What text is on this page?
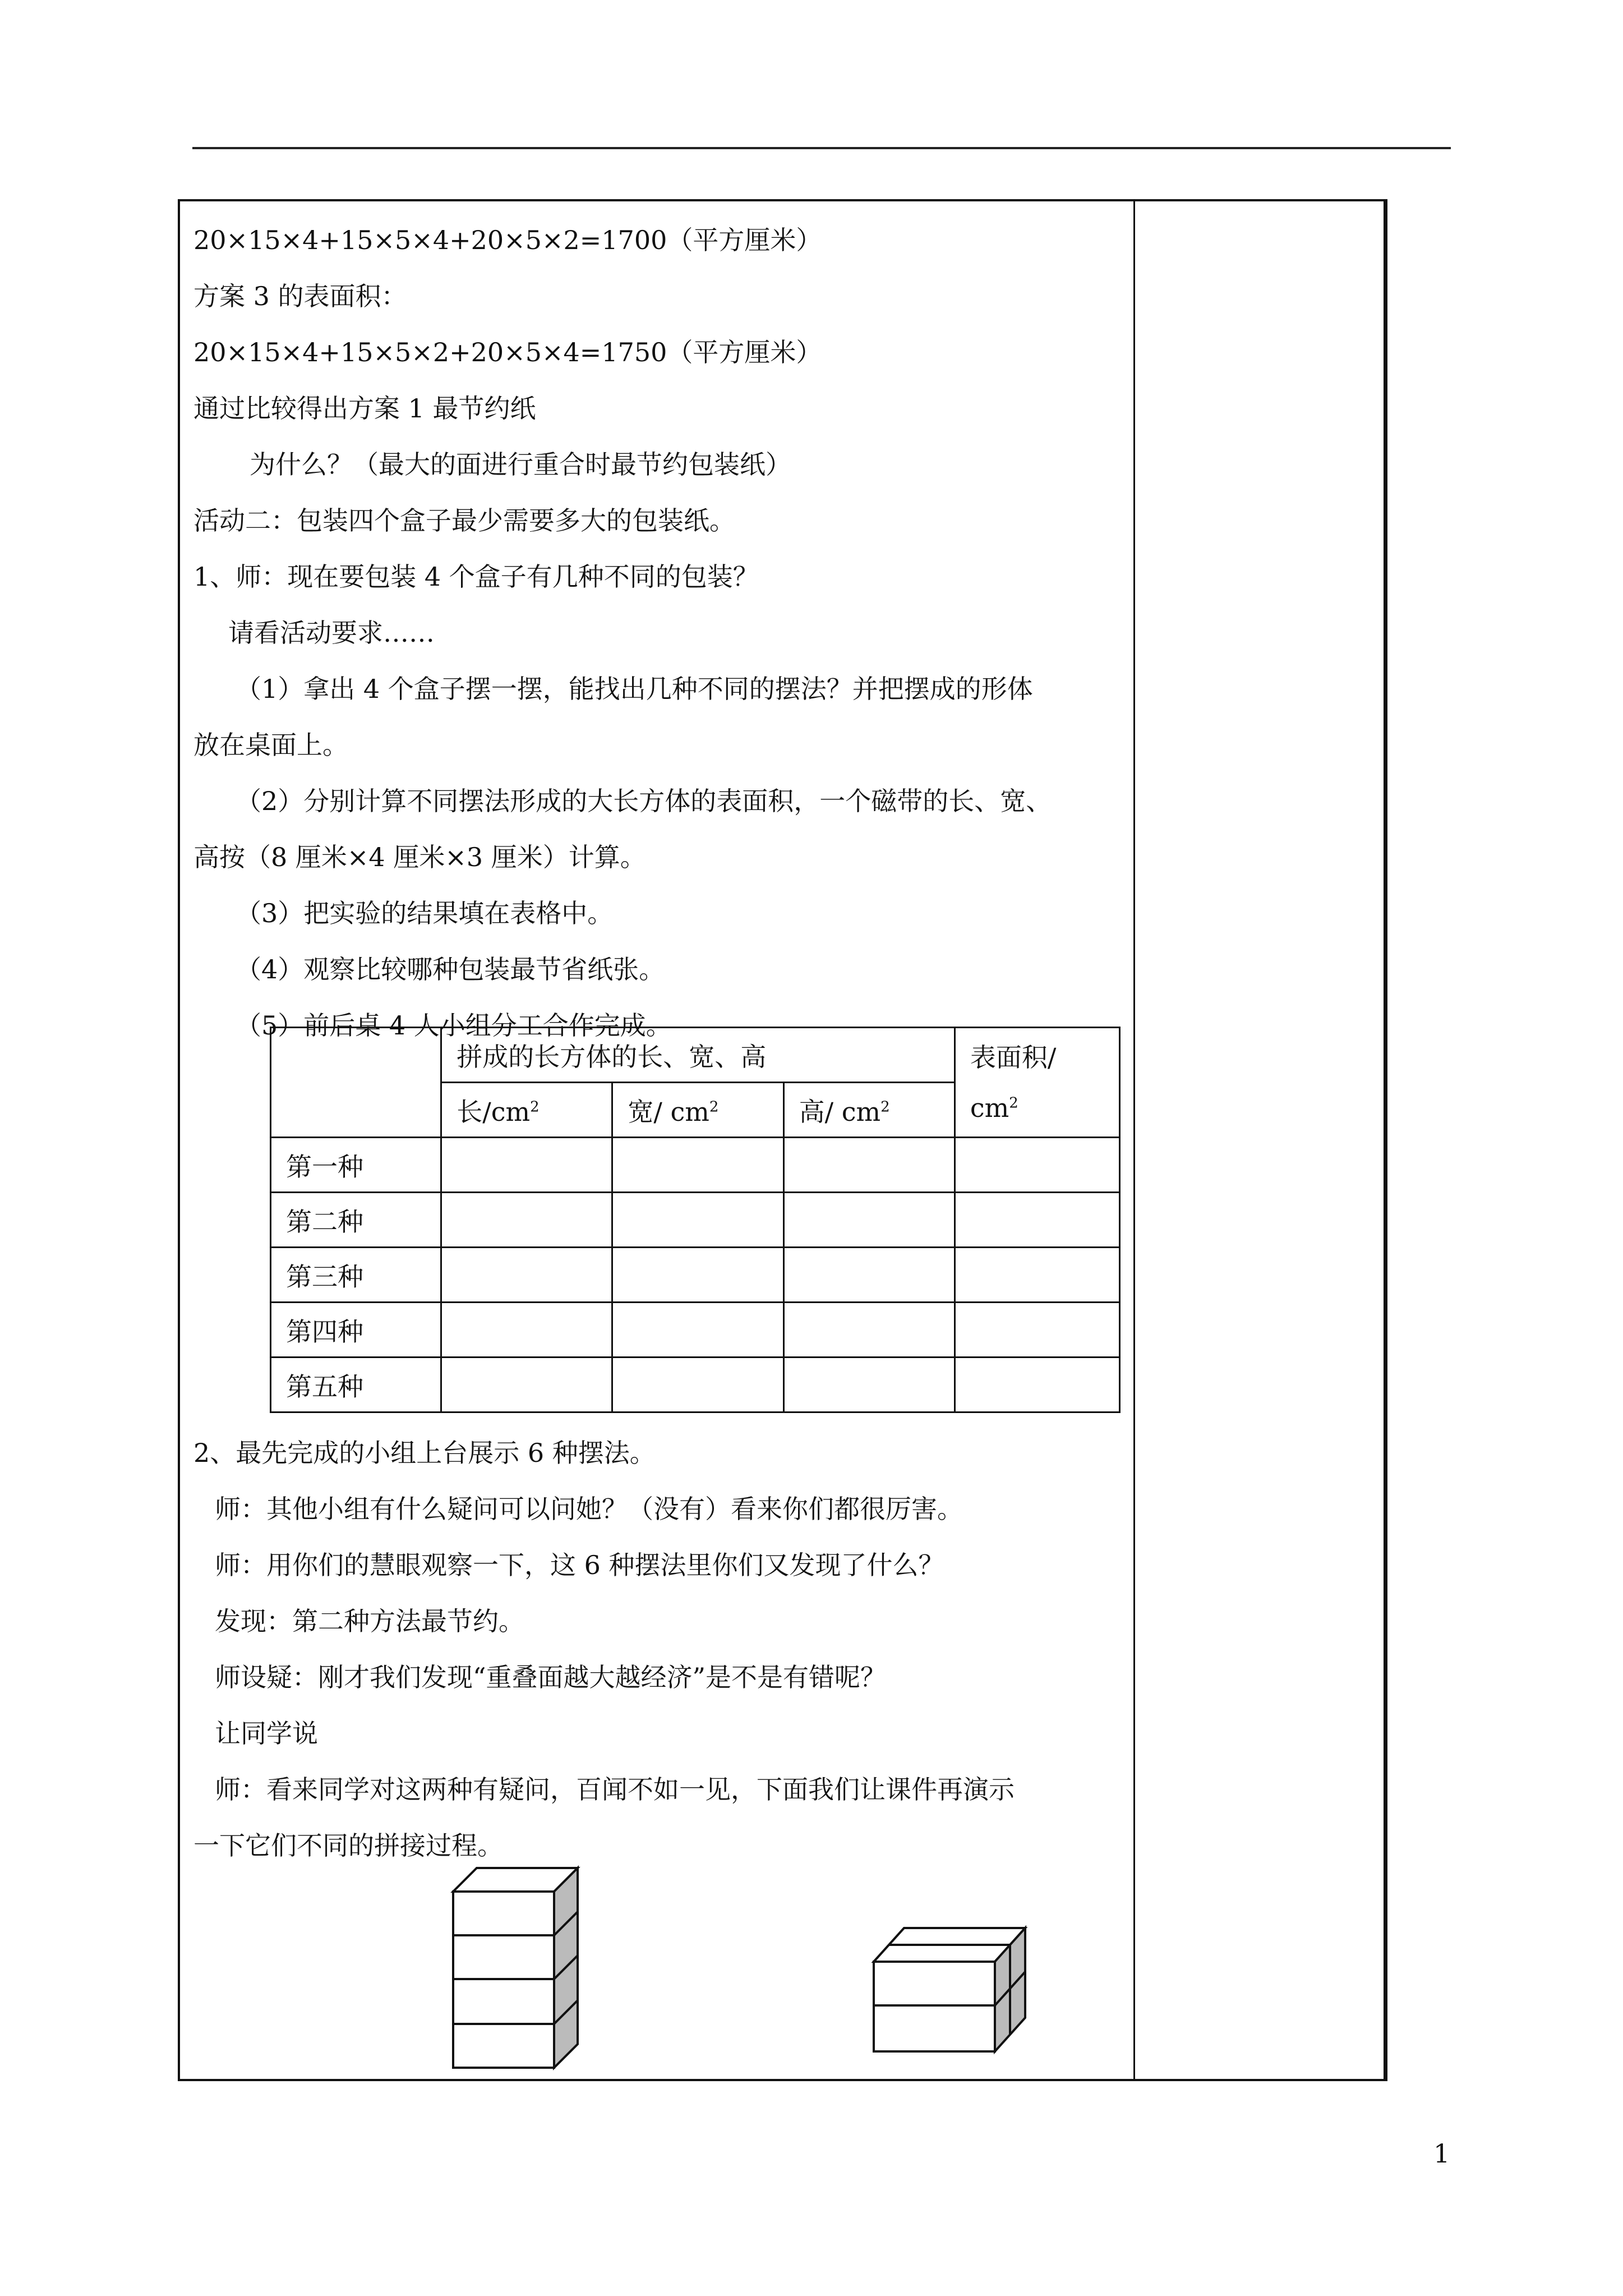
20×15×4+15×5×4+20×5×2=1700（平方厘米）
方案 3 的表面积：
20×15×4+15×5×2+20×5×4=1750（平方厘米）
通过比较得出方案 1 最节约纸
为什么？（最大的面进行重合时最节约包装纸）
活动二：包装四个盒子最少需要多大的包装纸。
1、师：现在要包装 4 个盒子有几种不同的包装？
请看活动要求……
（1）拿出 4 个盒子摆一摆，能找出几种不同的摆法？并把摆成的形体
放在桌面上。
（2）分别计算不同摆法形成的大长方体的表面积，一个磁带的长、宽、
高按（8 厘米×4 厘米×3 厘米）计算。
（3）把实验的结果填在表格中。
（4）观察比较哪种包装最节省纸张。
（5）前后桌 4 人小组分工合作完成。
	拼成的长方体的长、宽、高			表面积/
$cm^2$
	长$/cm^2$	宽/ $cm^2$	高/ $cm^2$
第一种				
第二种				
第三种				
第四种				
第五种				
2、最先完成的小组上台展示 6 种摆法。
师：其他小组有什么疑问可以问她？（没有）看来你们都很厉害。
师：用你们的慧眼观察一下，这 6 种摆法里你们又发现了什么？
发现：第二种方法最节约。
师设疑：刚才我们发现“重叠面越大越经济”是不是有错呢？
让同学说
师：看来同学对这两种有疑问，百闻不如一见，下面我们让课件再演示
一下它们不同的拼接过程。
1
